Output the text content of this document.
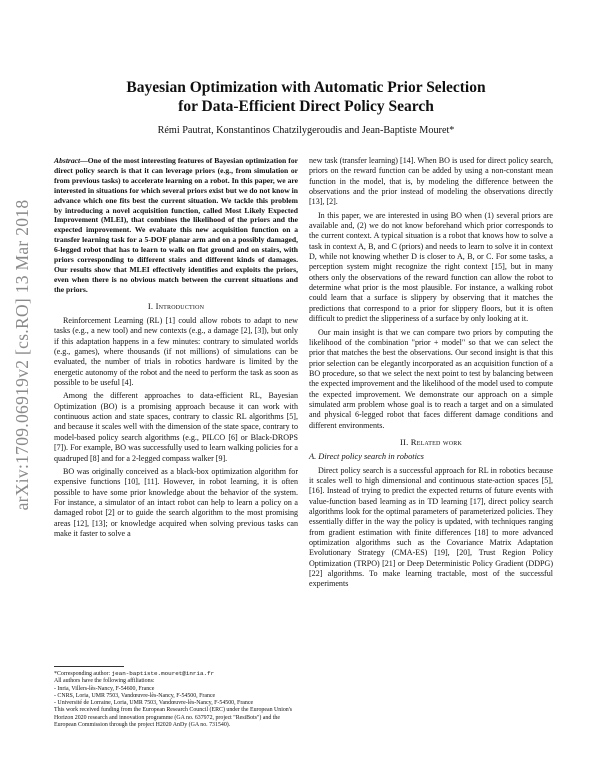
arXiv:1709.06919v2 [cs.RO] 13 Mar 2018
Bayesian Optimization with Automatic Prior Selection
for Data-Efficient Direct Policy Search
Rémi Pautrat, Konstantinos Chatzilygeroudis and Jean-Baptiste Mouret*

Abstract—One of the most interesting features of Bayesian optimization for direct policy search is that it can leverage priors (e.g., from simulation or from previous tasks) to accelerate learning on a robot. In this paper, we are interested in situations for which several priors exist but we do not know in advance which one fits best the current situation. We tackle this problem by introducing a novel acquisition function, called Most Likely Expected Improvement (MLEI), that combines the likelihood of the priors and the expected improvement. We evaluate this new acquisition function on a transfer learning task for a 5-DOF planar arm and on a possibly damaged, 6-legged robot that has to learn to walk on flat ground and on stairs, with priors corresponding to different stairs and different kinds of damages. Our results show that MLEI effectively identifies and exploits the priors, even when there is no obvious match between the current situations and the priors.

I. Introduction

Reinforcement Learning (RL) [1] could allow robots to adapt to new tasks (e.g., a new tool) and new contexts (e.g., a damage [2], [3]), but only if this adaptation happens in a few minutes: contrary to simulated worlds (e.g., games), where thousands (if not millions) of simulations can be evaluated, the number of trials in robotics hardware is limited by the energetic autonomy of the robot and the need to perform the task as soon as possible to be useful [4].

Among the different approaches to data-efficient RL, Bayesian Optimization (BO) is a promising approach because it can work with continuous action and state spaces, contrary to classic RL algorithms [5], and because it scales well with the dimension of the state space, contrary to model-based policy search algorithms (e.g., PILCO [6] or Black-DROPS [7]). For example, BO was successfully used to learn walking policies for a quadruped [8] and for a 2-legged compass walker [9].

BO was originally conceived as a black-box optimization algorithm for expensive functions [10], [11]. However, in robot learning, it is often possible to have some prior knowledge about the behavior of the system. For instance, a simulator of an intact robot can help to learn a policy on a damaged robot [2] or to guide the search algorithm to the most promising areas [12], [13]; or knowledge acquired when solving previous tasks can make it faster to solve a

*Corresponding author: jean-baptiste.mouret@inria.fr
All authors have the following affiliations:
- Inria, Villers-lès-Nancy, F-54600, France
- CNRS, Loria, UMR 7503, Vandœuvre-lès-Nancy, F-54500, France
- Université de Lorraine, Loria, UMR 7503, Vandœuvre-lès-Nancy, F-54500, France
This work received funding from the European Research Council (ERC) under the European Union's Horizon 2020 research and innovation programme (GA no. 637972, project "ResiBots") and the European Commission through the project H2020 AnDy (GA no. 731540).

new task (transfer learning) [14]. When BO is used for direct policy search, priors on the reward function can be added by using a non-constant mean function in the model, that is, by modeling the difference between the observations and the prior instead of modeling the observations directly [13], [2].

In this paper, we are interested in using BO when (1) several priors are available and, (2) we do not know beforehand which prior corresponds to the current context. A typical situation is a robot that knows how to solve a task in context A, B, and C (priors) and needs to learn to solve it in context D, while not knowing whether D is closer to A, B, or C. For some tasks, a perception system might recognize the right context [15], but in many others only the observations of the reward function can allow the robot to determine what prior is the most plausible. For instance, a walking robot could learn that a surface is slippery by observing that it matches the predictions that correspond to a prior for slippery floors, but it is often difficult to predict the slipperiness of a surface by only looking at it.

Our main insight is that we can compare two priors by computing the likelihood of the combination "prior + model" so that we can select the prior that matches the best the observations. Our second insight is that this prior selection can be elegantly incorporated as an acquisition function of a BO procedure, so that we select the next point to test by balancing between the expected improvement and the likelihood of the model used to compute the expected improvement. We demonstrate our approach on a simple simulated arm problem whose goal is to reach a target and on a simulated and physical 6-legged robot that faces different damage conditions and different environments.

II. Related work
A. Direct policy search in robotics

Direct policy search is a successful approach for RL in robotics because it scales well to high dimensional and continuous state-action spaces [5], [16]. Instead of trying to predict the expected returns of future events with value-function based learning as in TD learning [17], direct policy search algorithms look for the optimal parameters of parameterized policies. They essentially differ in the way the policy is updated, with techniques ranging from gradient estimation with finite differences [18] to more advanced optimization algorithms such as the Covariance Matrix Adaptation Evolutionary Strategy (CMA-ES) [19], [20], Trust Region Policy Optimization (TRPO) [21] or Deep Deterministic Policy Gradient (DDPG) [22] algorithms. To make learning tractable, most of the successful experiments
